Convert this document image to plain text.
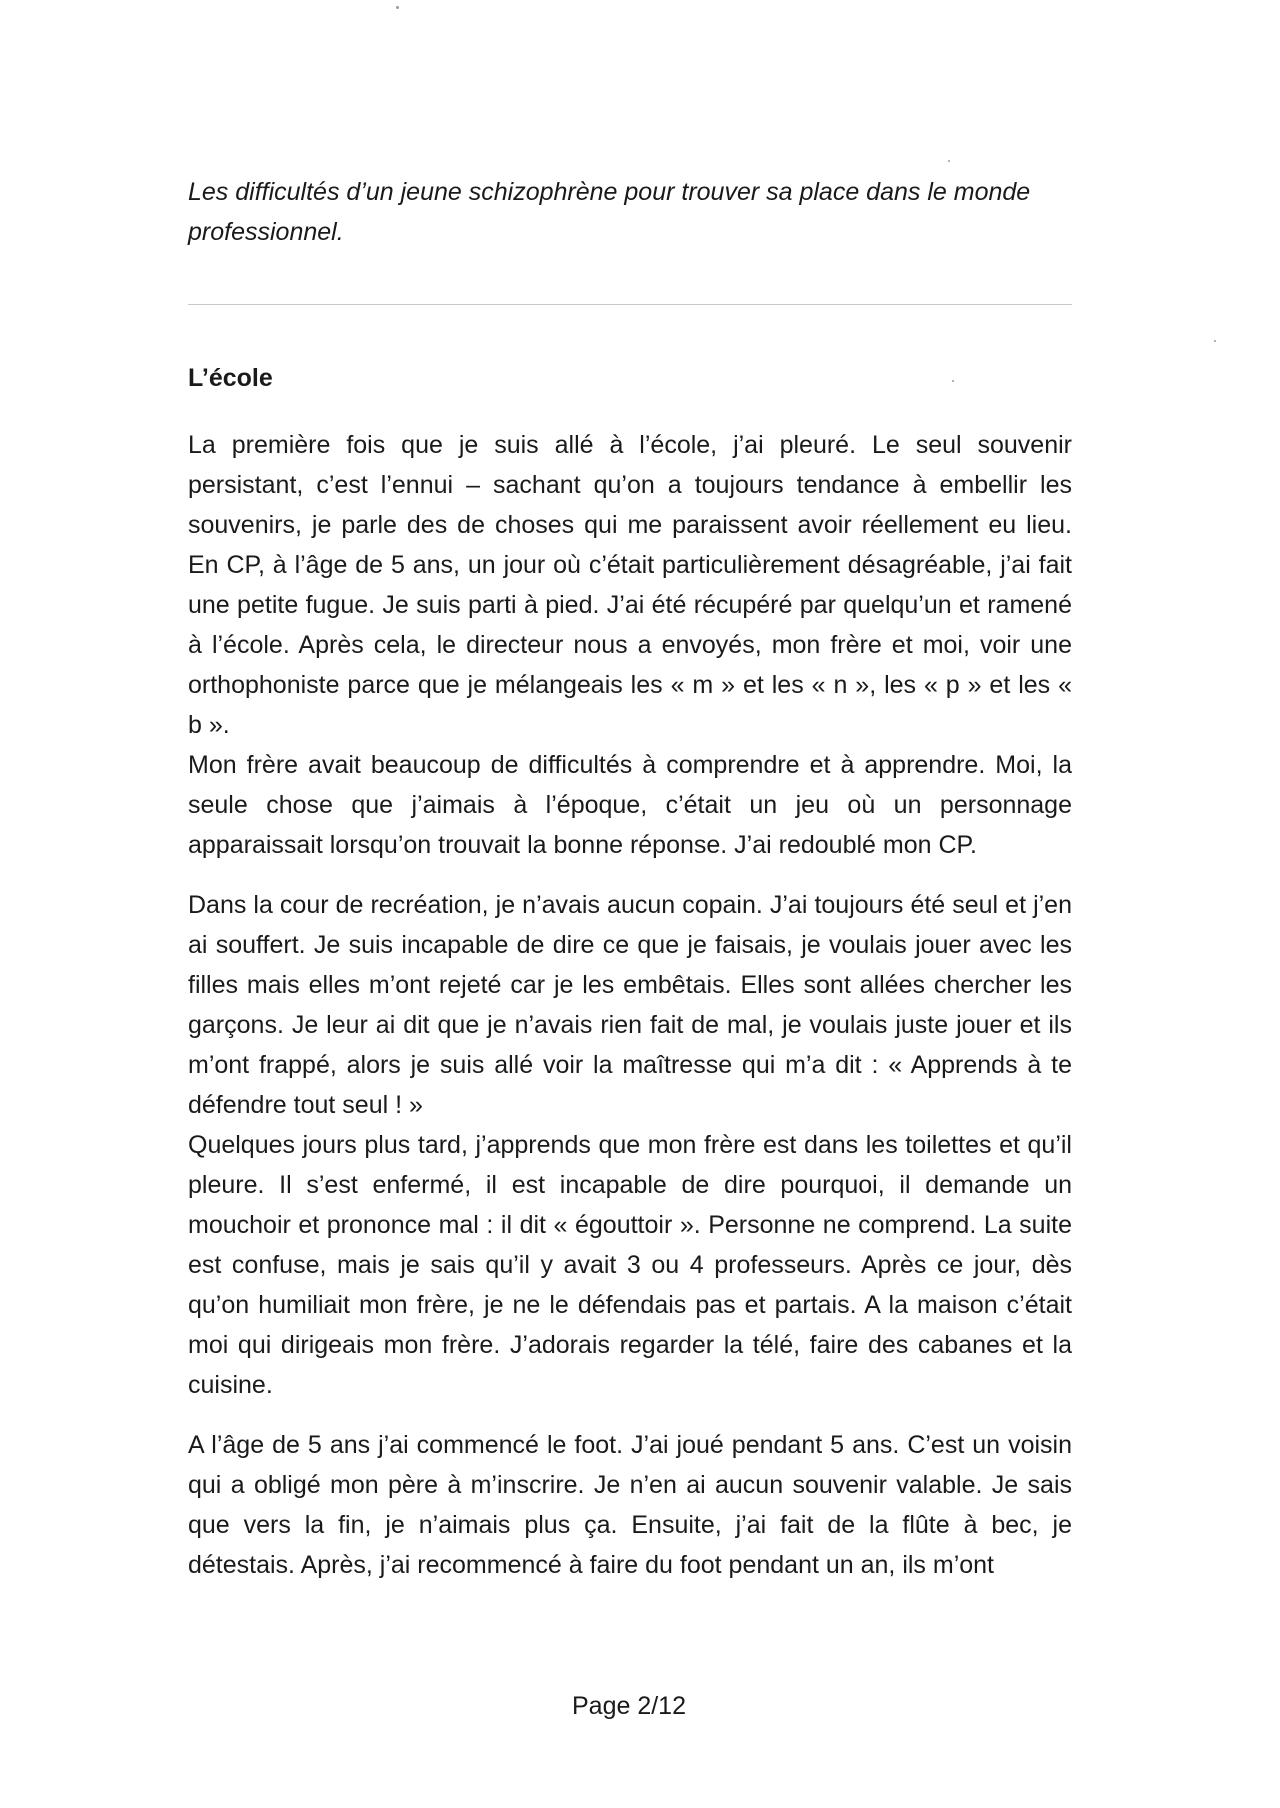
Les difficultés d’un jeune schizophrène pour trouver sa place dans le monde professionnel.
L’école

La première fois que je suis allé à l’école, j’ai pleuré. Le seul souvenir persistant, c’est l’ennui – sachant qu’on a toujours tendance à embellir les souvenirs, je parle des de choses qui me paraissent avoir réellement eu lieu. En CP, à l’âge de 5 ans, un jour où c’était particulièrement désagréable, j’ai fait une petite fugue. Je suis parti à pied. J’ai été récupéré par quelqu’un et ramené à l’école. Après cela, le directeur nous a envoyés, mon frère et moi, voir une orthophoniste parce que je mélangeais les « m » et les « n », les « p » et les « b ».

Mon frère avait beaucoup de difficultés à comprendre et à apprendre. Moi, la seule chose que j’aimais à l’époque, c’était un jeu où un personnage apparaissait lorsqu’on trouvait la bonne réponse. J’ai redoublé mon CP.

Dans la cour de recréation, je n’avais aucun copain. J’ai toujours été seul et j’en ai souffert. Je suis incapable de dire ce que je faisais, je voulais jouer avec les filles mais elles m’ont rejeté car je les embêtais. Elles sont allées chercher les garçons. Je leur ai dit que je n’avais rien fait de mal, je voulais juste jouer et ils m’ont frappé, alors je suis allé voir la maîtresse qui m’a dit : « Apprends à te défendre tout seul ! »

Quelques jours plus tard, j’apprends que mon frère est dans les toilettes et qu’il pleure. Il s’est enfermé, il est incapable de dire pourquoi, il demande un mouchoir et prononce mal : il dit « égouttoir ». Personne ne comprend. La suite est confuse, mais je sais qu’il y avait 3 ou 4 professeurs. Après ce jour, dès qu’on humiliait mon frère, je ne le défendais pas et partais. A la maison c’était moi qui dirigeais mon frère. J’adorais regarder la télé, faire des cabanes et la cuisine.

A l’âge de 5 ans j’ai commencé le foot. J’ai joué pendant 5 ans. C’est un voisin qui a obligé mon père à m’inscrire. Je n’en ai aucun souvenir valable. Je sais que vers la fin, je n’aimais plus ça. Ensuite, j’ai fait de la flûte à bec, je détestais. Après, j’ai recommencé à faire du foot pendant un an, ils m’ont

Page 2/12
